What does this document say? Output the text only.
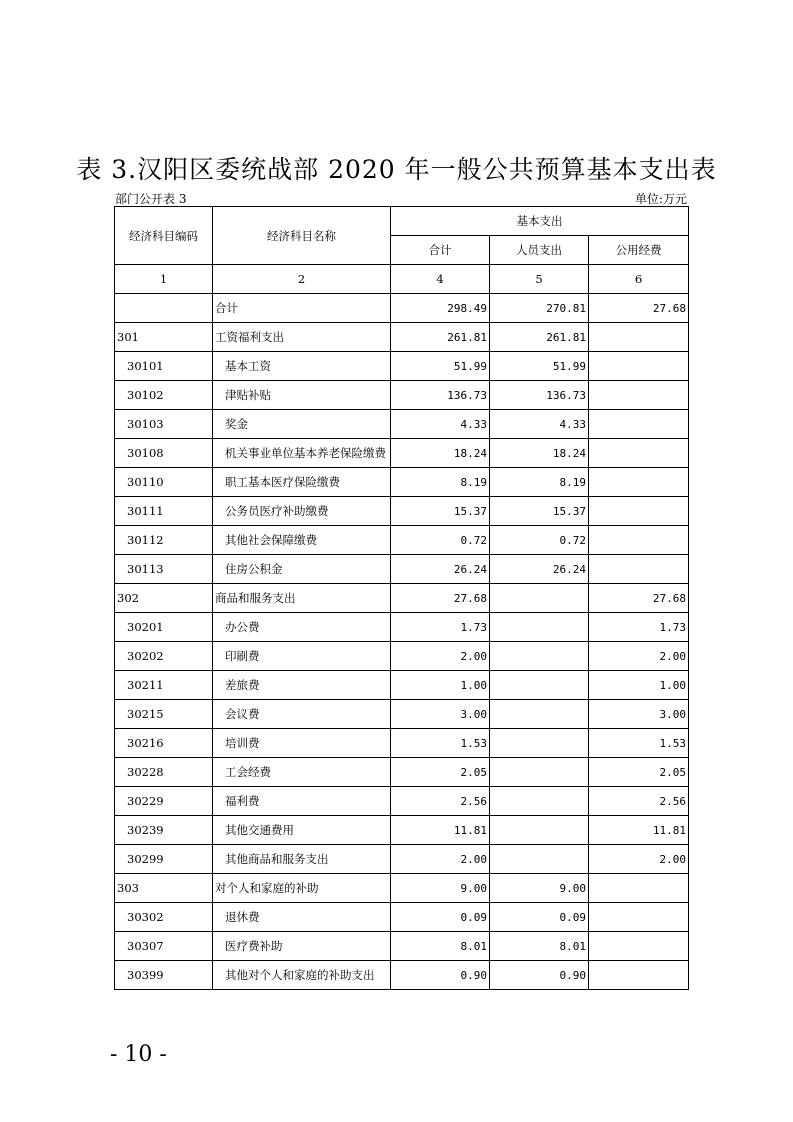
表 3.汉阳区委统战部 2020 年一般公共预算基本支出表
部门公开表 3	单位:万元
经济科目编码	经济科目名称	基本支出		
		合计	人员支出	公用经费
1	2	4	5	6
	合计	298.49	270.81	27.68
301	工资福利支出	261.81	261.81	
30101	基本工资	51.99	51.99	
30102	津贴补贴	136.73	136.73	
30103	奖金	4.33	4.33	
30108	机关事业单位基本养老保险缴费	18.24	18.24	
30110	职工基本医疗保险缴费	8.19	8.19	
30111	公务员医疗补助缴费	15.37	15.37	
30112	其他社会保障缴费	0.72	0.72	
30113	住房公积金	26.24	26.24	
302	商品和服务支出	27.68		27.68
30201	办公费	1.73		1.73
30202	印刷费	2.00		2.00
30211	差旅费	1.00		1.00
30215	会议费	3.00		3.00
30216	培训费	1.53		1.53
30228	工会经费	2.05		2.05
30229	福利费	2.56		2.56
30239	其他交通费用	11.81		11.81
30299	其他商品和服务支出	2.00		2.00
303	对个人和家庭的补助	9.00	9.00	
30302	退休费	0.09	0.09	
30307	医疗费补助	8.01	8.01	
30399	其他对个人和家庭的补助支出	0.90	0.90	
- 10 -
